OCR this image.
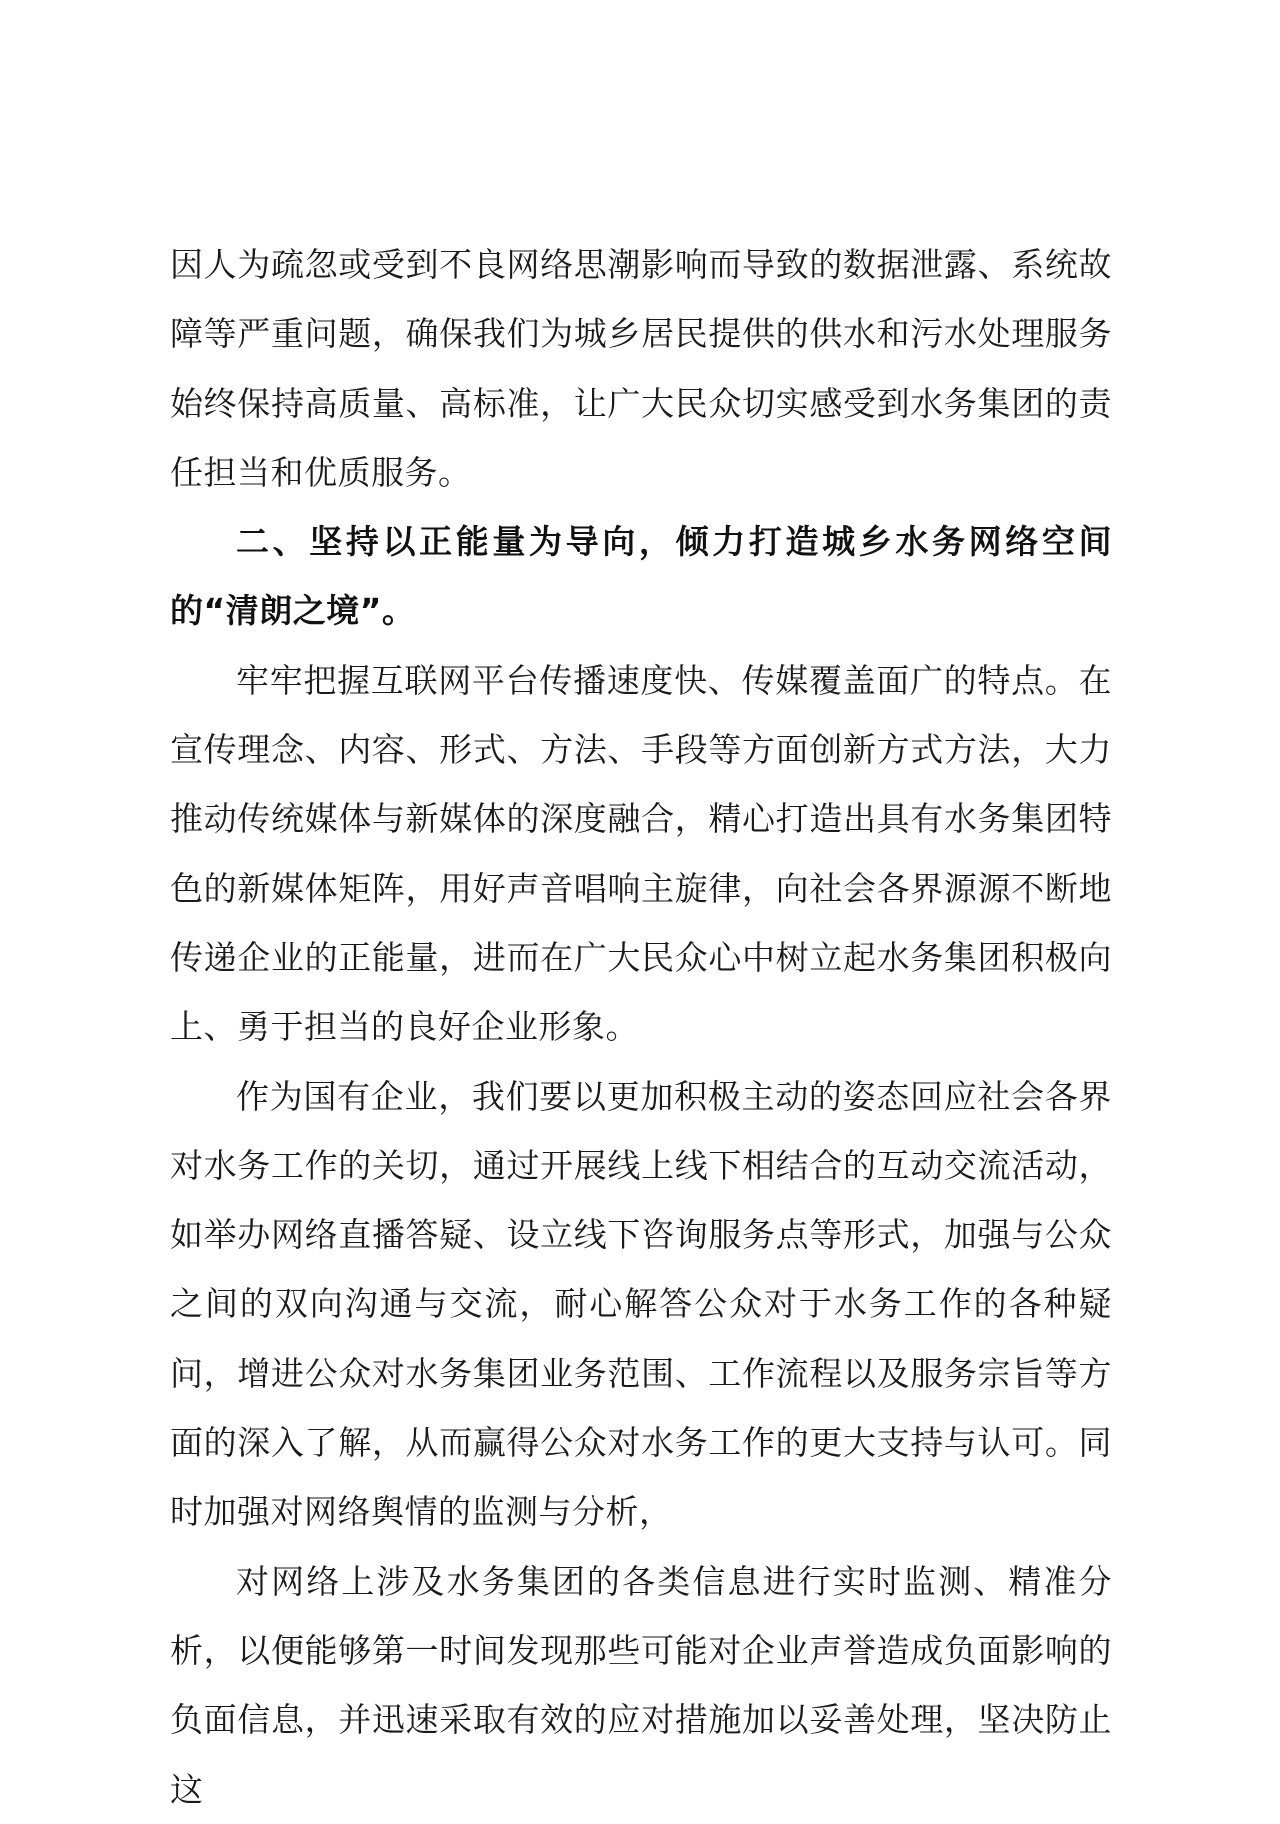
因人为疏忽或受到不良网络思潮影响而导致的数据泄露、系统故障等严重问题，确保我们为城乡居民提供的供水和污水处理服务始终保持高质量、高标准，让广大民众切实感受到水务集团的责任担当和优质服务。

二、坚持以正能量为导向，倾力打造城乡水务网络空间的“清朗之境”。

牢牢把握互联网平台传播速度快、传媒覆盖面广的特点。在宣传理念、内容、形式、方法、手段等方面创新方式方法，大力推动传统媒体与新媒体的深度融合，精心打造出具有水务集团特色的新媒体矩阵，用好声音唱响主旋律，向社会各界源源不断地传递企业的正能量，进而在广大民众心中树立起水务集团积极向上、勇于担当的良好企业形象。

作为国有企业，我们要以更加积极主动的姿态回应社会各界对水务工作的关切，通过开展线上线下相结合的互动交流活动，如举办网络直播答疑、设立线下咨询服务点等形式，加强与公众之间的双向沟通与交流，耐心解答公众对于水务工作的各种疑问，增进公众对水务集团业务范围、工作流程以及服务宗旨等方面的深入了解，从而赢得公众对水务工作的更大支持与认可。同时加强对网络舆情的监测与分析，

对网络上涉及水务集团的各类信息进行实时监测、精准分析，以便能够第一时间发现那些可能对企业声誉造成负面影响的负面信息，并迅速采取有效的应对措施加以妥善处理，坚决防止这
